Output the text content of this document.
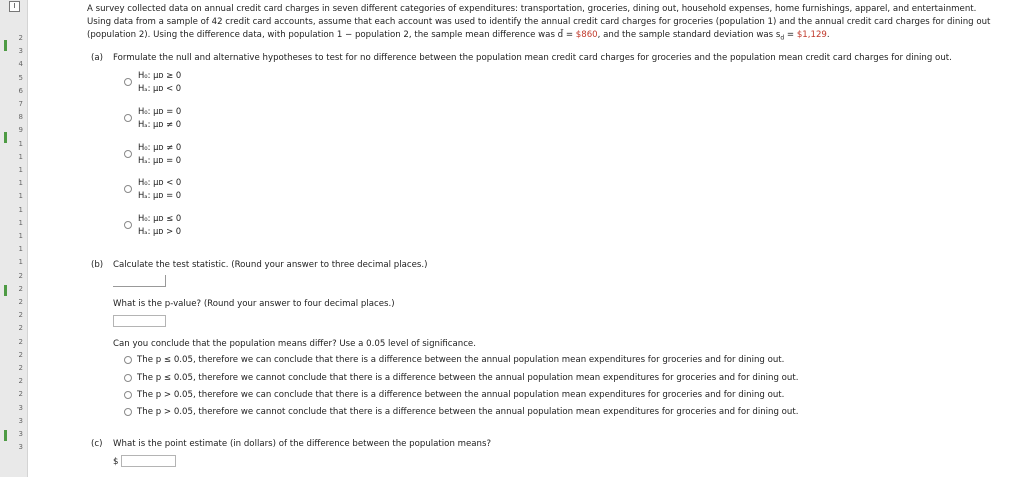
I
2
3
4
5
6
7
8
9
1
1
1
1
1
1
1
1
1
1
2
2
2
2
2
2
2
2
2
2
3
3
3
3
A survey collected data on annual credit card charges in seven different categories of expenditures: transportation, groceries, dining out, household expenses, home furnishings, apparel, and entertainment.
Using data from a sample of 42 credit card accounts, assume that each account was used to identify the annual credit card charges for groceries (population 1) and the annual credit card charges for dining out
(population 2). Using the difference data, with population 1 − population 2, the sample mean difference was d̄ = $860, and the sample standard deviation was $s_d$ = $1,129.
(a) Formulate the null and alternative hypotheses to test for no difference between the population mean credit card charges for groceries and the population mean credit card charges for dining out.
H₀: μᴅ ≥ 0
Hₐ: μᴅ < 0
H₀: μᴅ = 0
Hₐ: μᴅ ≠ 0
H₀: μᴅ ≠ 0
Hₐ: μᴅ = 0
H₀: μᴅ < 0
Hₐ: μᴅ = 0
H₀: μᴅ ≤ 0
Hₐ: μᴅ > 0
(b) Calculate the test statistic. (Round your answer to three decimal places.)
What is the p-value? (Round your answer to four decimal places.)
Can you conclude that the population means differ? Use a 0.05 level of significance.
The p ≤ 0.05, therefore we can conclude that there is a difference between the annual population mean expenditures for groceries and for dining out.
The p ≤ 0.05, therefore we cannot conclude that there is a difference between the annual population mean expenditures for groceries and for dining out.
The p > 0.05, therefore we can conclude that there is a difference between the annual population mean expenditures for groceries and for dining out.
The p > 0.05, therefore we cannot conclude that there is a difference between the annual population mean expenditures for groceries and for dining out.
(c) What is the point estimate (in dollars) of the difference between the population means?
$
